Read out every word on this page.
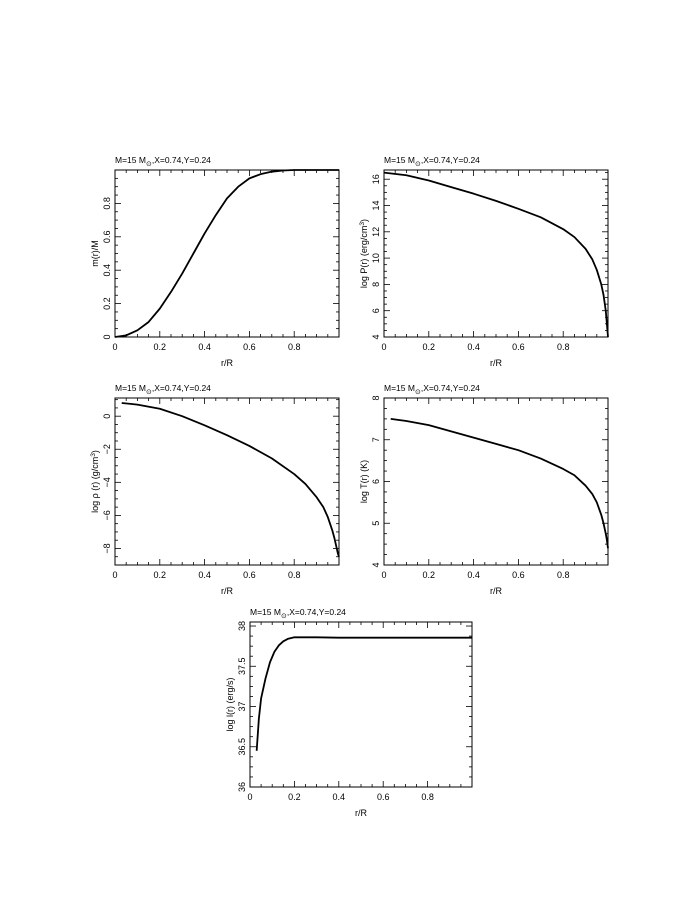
0	0.2	0.4	0.6	0.8
0
0.2
0.4
0.6
0.8
M=15 $M_⊙,X=0.74,Y=0.24$
r/R
m(r)/M
0	0.2	0.4	0.6	0.8
4
6
8
10
12
14
16
M=15 $M_⊙,X=0.74,Y=0.24$
r/R
log P(r) $(erg/cm^3)$
0	0.2	0.4	0.6	0.8
−8
−6
−4
−2
0
M=15 $M_⊙,X=0.74,Y=0.24$
r/R
log ρ (r) $(g/cm^3)$
0	0.2	0.4	0.6	0.8
4
5
6
7
8
M=15 $M_⊙,X=0.74,Y=0.24$
r/R
log T(r) (K)
0	0.2	0.4	0.6	0.8
36
36.5
37
37.5
38
M=15 $M_⊙,X=0.74,Y=0.24$
r/R
log l(r) (erg/s)
